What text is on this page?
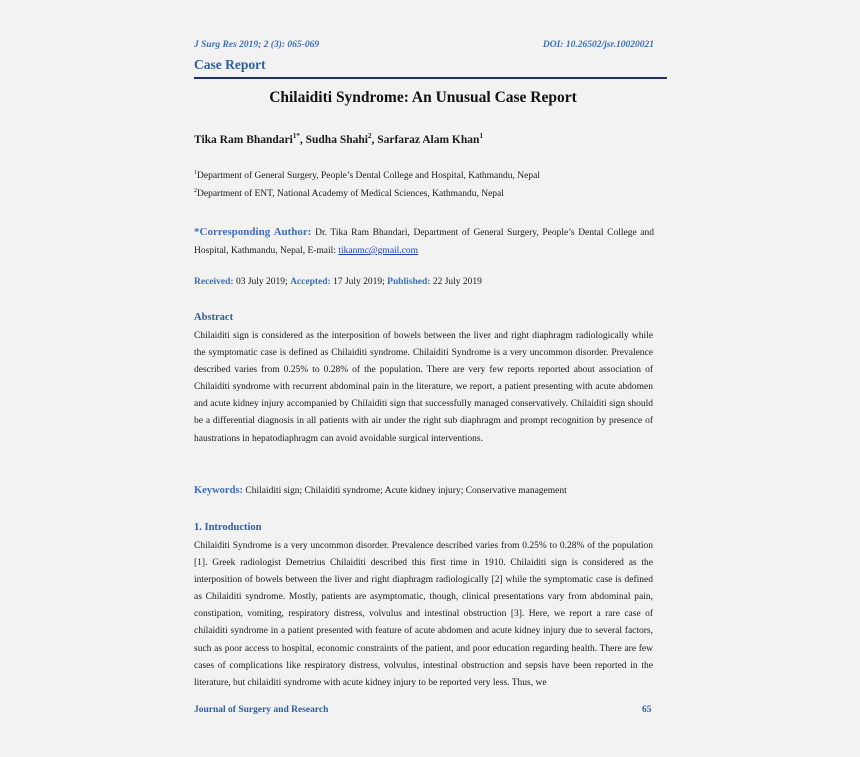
J Surg Res 2019; 2 (3): 065-069	DOI: 10.26502/jsr.10020021
Case Report
Chilaiditi Syndrome: An Unusual Case Report
Tika Ram Bhandari$^{1*}$, Sudha Shahi$^2$, Sarfaraz Alam Khan$^1$
$^1$Department of General Surgery, People’s Dental College and Hospital, Kathmandu, Nepal
$^2$Department of ENT, National Academy of Medical Sciences, Kathmandu, Nepal
*Corresponding Author: Dr. Tika Ram Bhandari, Department of General Surgery, People’s Dental College and Hospital, Kathmandu, Nepal, E-mail: tikanmc@gmail.com
Received: 03 July 2019; Accepted: 17 July 2019; Published: 22 July 2019
Abstract
Chilaiditi sign is considered as the interposition of bowels between the liver and right diaphragm radiologically while the symptomatic case is defined as Chilaiditi syndrome. Chilaiditi Syndrome is a very uncommon disorder. Prevalence described varies from 0.25% to 0.28% of the population. There are very few reports reported about association of Chilaiditi syndrome with recurrent abdominal pain in the literature, we report, a patient presenting with acute abdomen and acute kidney injury accompanied by Chilaiditi sign that successfully managed conservatively. Chilaiditi sign should be a differential diagnosis in all patients with air under the right sub diaphragm and prompt recognition by presence of haustrations in hepatodiaphragm can avoid avoidable surgical interventions.
Keywords: Chilaiditi sign; Chilaiditi syndrome; Acute kidney injury; Conservative management
1. Introduction
Chilaiditi Syndrome is a very uncommon disorder. Prevalence described varies from 0.25% to 0.28% of the population [1]. Greek radiologist Demetrius Chilaiditi described this first time in 1910. Chilaiditi sign is considered as the interposition of bowels between the liver and right diaphragm radiologically [2] while the symptomatic case is defined as Chilaiditi syndrome. Mostly, patients are asymptomatic, though, clinical presentations vary from abdominal pain, constipation, vomiting, respiratory distress, volvulus and intestinal obstruction [3]. Here, we report a rare case of chilaiditi syndrome in a patient presented with feature of acute abdomen and acute kidney injury due to several factors, such as poor access to hospital, economic constraints of the patient, and poor education regarding health. There are few cases of complications like respiratory distress, volvulus, intestinal obstruction and sepsis have been reported in the literature, but chilaiditi syndrome with acute kidney injury to be reported very less. Thus, we
Journal of Surgery and Research	65
